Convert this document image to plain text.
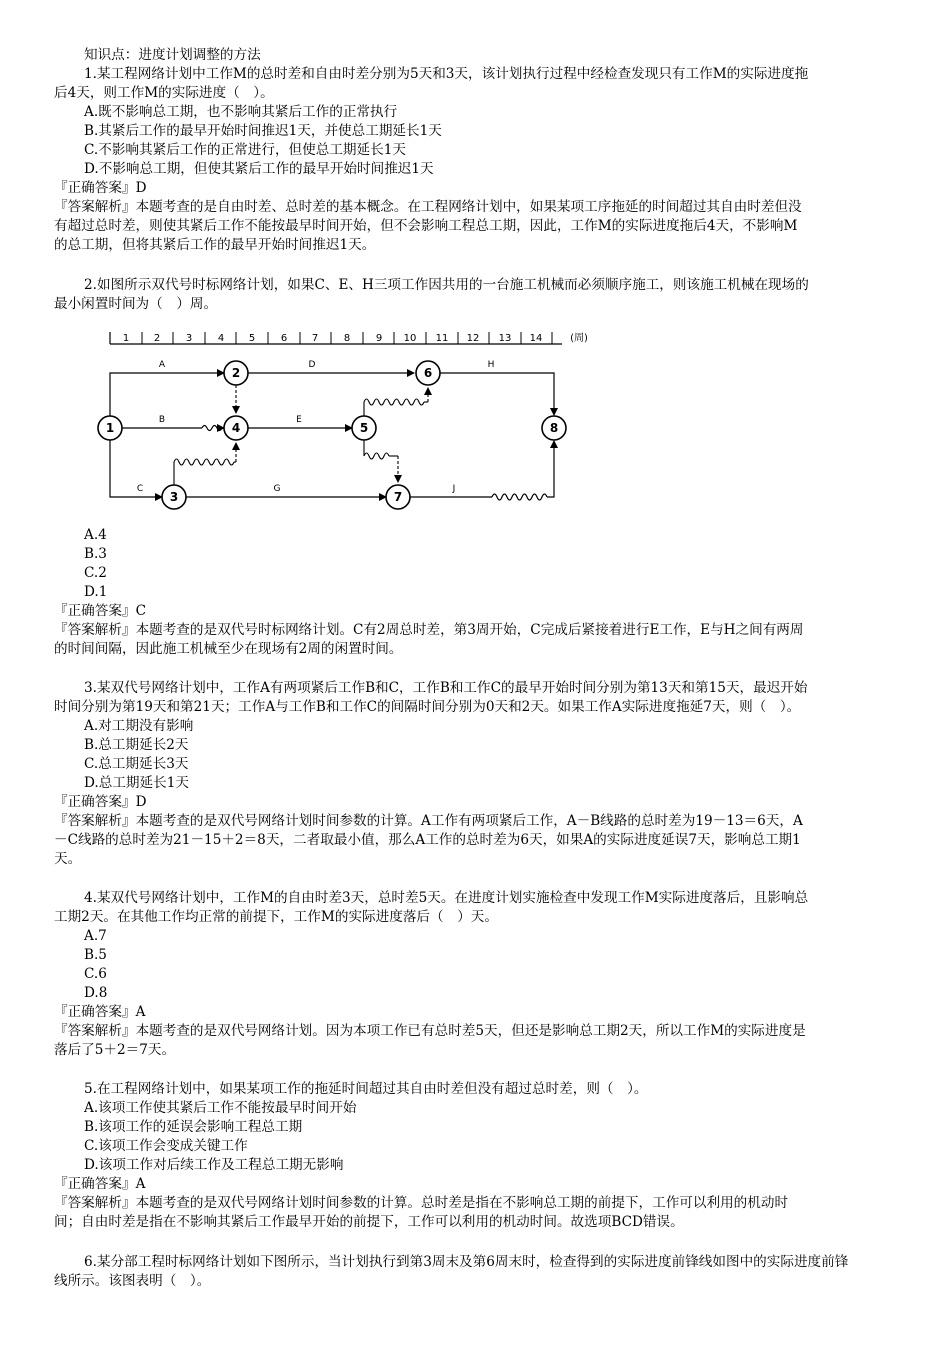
知识点：进度计划调整的方法
1.某工程网络计划中工作M的总时差和自由时差分别为5天和3天，该计划执行过程中经检查发现只有工作M的实际进度拖
后4天，则工作M的实际进度（　）。
A.既不影响总工期，也不影响其紧后工作的正常执行
B.其紧后工作的最早开始时间推迟1天，并使总工期延长1天
C.不影响其紧后工作的正常进行，但使总工期延长1天
D.不影响总工期，但使其紧后工作的最早开始时间推迟1天
『正确答案』D
『答案解析』本题考查的是自由时差、总时差的基本概念。在工程网络计划中，如果某项工序拖延的时间超过其自由时差但没
有超过总时差，则使其紧后工作不能按最早时间开始，但不会影响工程总工期，因此，工作M的实际进度拖后4天，不影响M
的总工期，但将其紧后工作的最早开始时间推迟1天。
2.如图所示双代号时标网络计划，如果C、E、H三项工作因共用的一台施工机械而必须顺序施工，则该施工机械在现场的
最小闲置时间为（　）周。
1 2	3	4 5	6 7	8	9 10 11 12 13 14	(周)
A
B
C
D
E
G
H
J
1
2
3
4	5
6
7
8
A.4
B.3
C.2
D.1
『正确答案』C
『答案解析』本题考查的是双代号时标网络计划。C有2周总时差，第3周开始，C完成后紧接着进行E工作，E与H之间有两周
的时间间隔，因此施工机械至少在现场有2周的闲置时间。
3.某双代号网络计划中，工作A有两项紧后工作B和C，工作B和工作C的最早开始时间分别为第13天和第15天，最迟开始
时间分别为第19天和第21天；工作A与工作B和工作C的间隔时间分别为0天和2天。如果工作A实际进度拖延7天，则（　）。
A.对工期没有影响
B.总工期延长2天
C.总工期延长3天
D.总工期延长1天
『正确答案』D
『答案解析』本题考查的是双代号网络计划时间参数的计算。A工作有两项紧后工作，A－B线路的总时差为19－13＝6天，A
－C线路的总时差为21－15＋2＝8天，二者取最小值，那么A工作的总时差为6天，如果A的实际进度延误7天，影响总工期1
天。
4.某双代号网络计划中，工作M的自由时差3天，总时差5天。在进度计划实施检查中发现工作M实际进度落后，且影响总
工期2天。在其他工作均正常的前提下，工作M的实际进度落后（　）天。
A.7
B.5
C.6
D.8
『正确答案』A
『答案解析』本题考查的是双代号网络计划。因为本项工作已有总时差5天，但还是影响总工期2天，所以工作M的实际进度是
落后了5＋2＝7天。
5.在工程网络计划中，如果某项工作的拖延时间超过其自由时差但没有超过总时差，则（　）。
A.该项工作使其紧后工作不能按最早时间开始
B.该项工作的延误会影响工程总工期
C.该项工作会变成关键工作
D.该项工作对后续工作及工程总工期无影响
『正确答案』A
『答案解析』本题考查的是双代号网络计划时间参数的计算。总时差是指在不影响总工期的前提下，工作可以利用的机动时
间；自由时差是指在不影响其紧后工作最早开始的前提下，工作可以利用的机动时间。故选项BCD错误。
6.某分部工程时标网络计划如下图所示，当计划执行到第3周末及第6周末时，检查得到的实际进度前锋线如图中的实际进度前锋
线所示。该图表明（　）。
